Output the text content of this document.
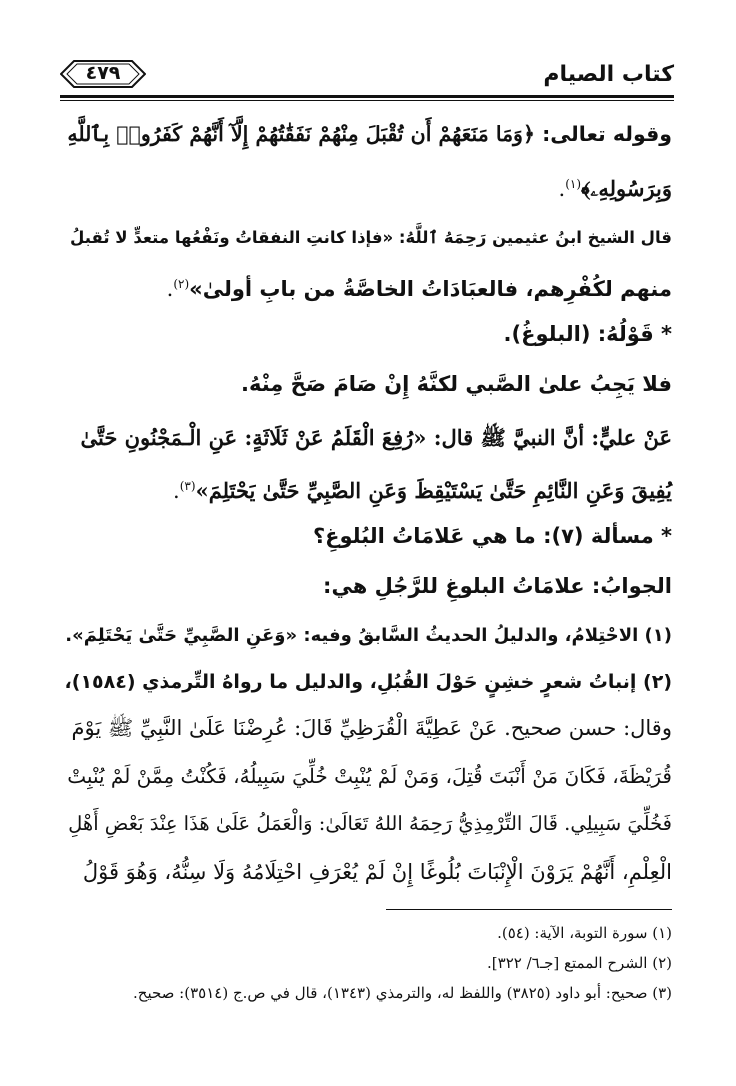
كتاب الصيام
٤٧٩
وقوله تعالى: ﴿وَمَا مَنَعَهُمْ أَن تُقْبَلَ مِنْهُمْ نَفَقَٰتُهُمْ إِلَّآ أَنَّهُمْ كَفَرُوا۟ بِٱللَّهِ
وَبِرَسُولِهِۦ﴾$^{(١)}$.
قال الشيخ ابنُ عثيمين رَحِمَهُ ٱللَّهُ: «فإذا كانتِ النفقاتُ ونَفْعُها متعدٍّ لا تُقبلُ
منهم لكُفْرِهم، فالعبَادَاتُ الخاصَّةُ من بابِ أولىٰ»$^{(٢)}$.
* قَوْلُهُ: (البلوغُ).
فلا يَجِبُ علىٰ الصَّبي لكنَّهُ إِنْ صَامَ صَحَّ مِنْهُ.
عَنْ عليٍّ: أنَّ النبيَّ ﷺ قال: «رُفِعَ الْقَلَمُ عَنْ ثَلَاثَةٍ: عَنِ الْـمَجْنُونِ حَتَّىٰ
يُفِيقَ وَعَنِ النَّائِمِ حَتَّىٰ يَسْتَيْقِظَ وَعَنِ الصَّبِيِّ حَتَّىٰ يَحْتَلِمَ»$^{(٣)}$.
* مسألة (٧): ما هي عَلامَاتُ البُلوغِ؟
الجوابُ: علامَاتُ البلوغِ للرَّجُلِ هي:
(١) الاحْتِلامُ، والدليلُ الحديثُ السَّابقُ وفيه: «وَعَنِ الصَّبِيِّ حَتَّىٰ يَحْتَلِمَ».
(٢) إنباتُ شعرٍ خشِنٍ حَوْلَ القُبُلِ، والدليل ما رواهُ التِّرمذي (١٥٨٤)،
وقال: حسن صحيح. عَنْ عَطِيَّةَ الْقُرَظِيِّ قَالَ: عُرِضْنَا عَلَىٰ النَّبِيِّ ﷺ يَوْمَ
قُرَيْظَةَ، فَكَانَ مَنْ أَنْبَتَ قُتِلَ، وَمَنْ لَمْ يُنْبِتْ خُلِّيَ سَبِيلُهُ، فَكُنْتُ مِمَّنْ لَمْ يُنْبِتْ
فَخُلِّيَ سَبِيلِي. قَالَ التِّرْمِذِيُّ رَحِمَهُ اللهُ تَعَالَىٰ: وَالْعَمَلُ عَلَىٰ هَذَا عِنْدَ بَعْضِ أَهْلِ
الْعِلْمِ، أَنَّهُمْ يَرَوْنَ الْإِنْبَاتَ بُلُوغًا إِنْ لَمْ يُعْرَفِ احْتِلَامُهُ وَلَا سِنُّهُ، وَهُوَ قَوْلُ
(١) سورة التوبة، الآية: (٥٤).
(٢) الشرح الممتع [جـ٦/ ٣٢٢].
(٣) صحيح: أبو داود (٣٨٢٥) واللفظ له، والترمذي (١٣٤٣)، قال في ص.ج (٣٥١٤): صحيح.
